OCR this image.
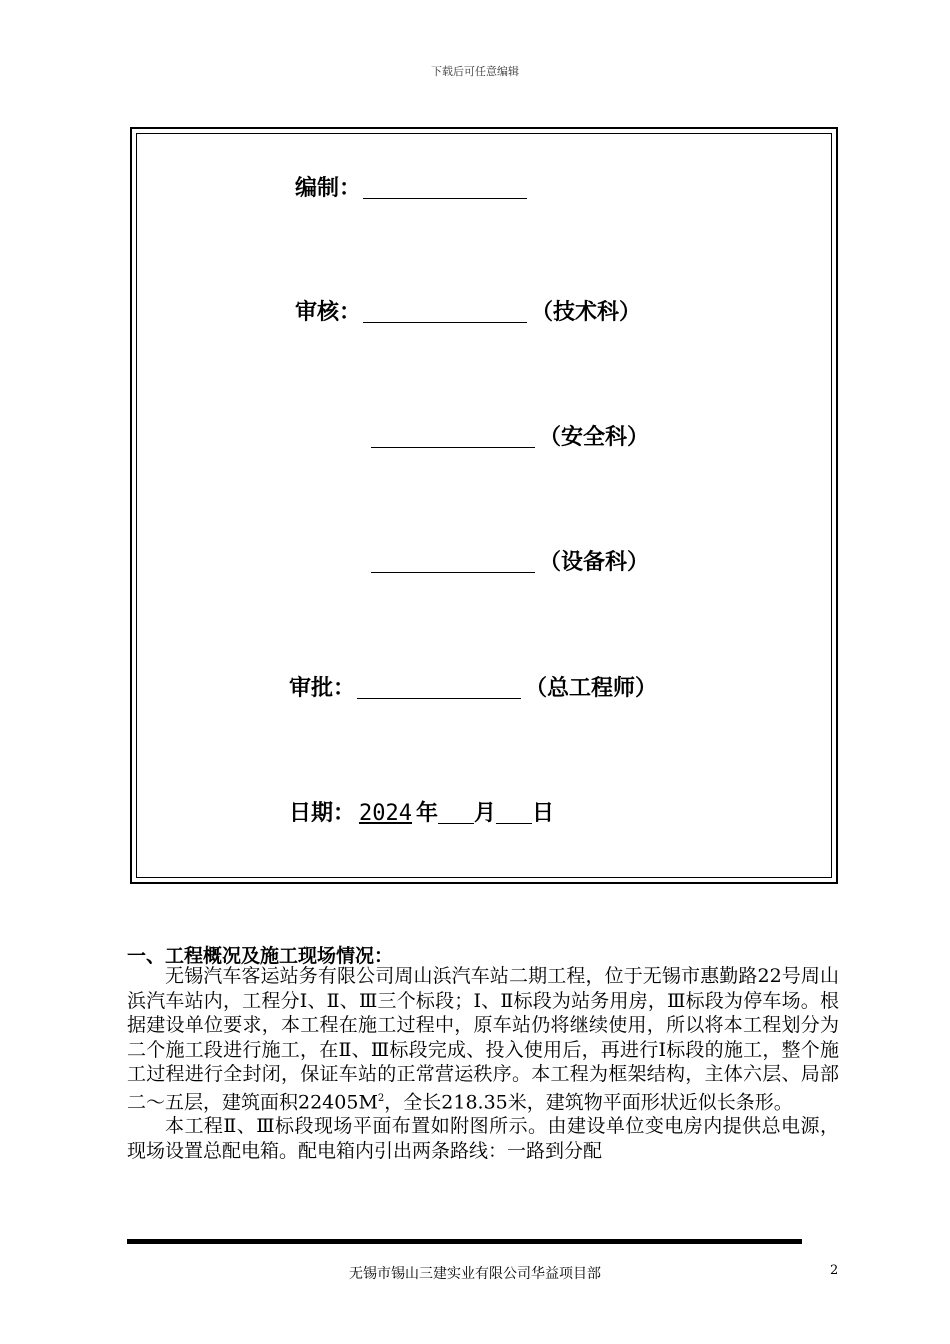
下载后可任意编辑
编制：
审核：	（技术科）
（安全科）
（设备科）
审批：	（总工程师）
日期： 2024 年 月 日
一、工程概况及施工现场情况：

无锡汽车客运站务有限公司周山浜汽车站二期工程，位于无锡市惠勤路22号周山浜汽车站内，工程分Ⅰ、Ⅱ、Ⅲ三个标段；Ⅰ、Ⅱ标段为站务用房，Ⅲ标段为停车场。根据建设单位要求，本工程在施工过程中，原车站仍将继续使用，所以将本工程划分为二个施工段进行施工，在Ⅱ、Ⅲ标段完成、投入使用后，再进行Ⅰ标段的施工，整个施工过程进行全封闭，保证车站的正常营运秩序。本工程为框架结构，主体六层、局部二～五层，建筑面积$22405M^2$，全长218.35米，建筑物平面形状近似长条形。

本工程Ⅱ、Ⅲ标段现场平面布置如附图所示。由建设单位变电房内提供总电源，现场设置总配电箱。配电箱内引出两条路线：一路到分配

无锡市锡山三建实业有限公司华益项目部	2
